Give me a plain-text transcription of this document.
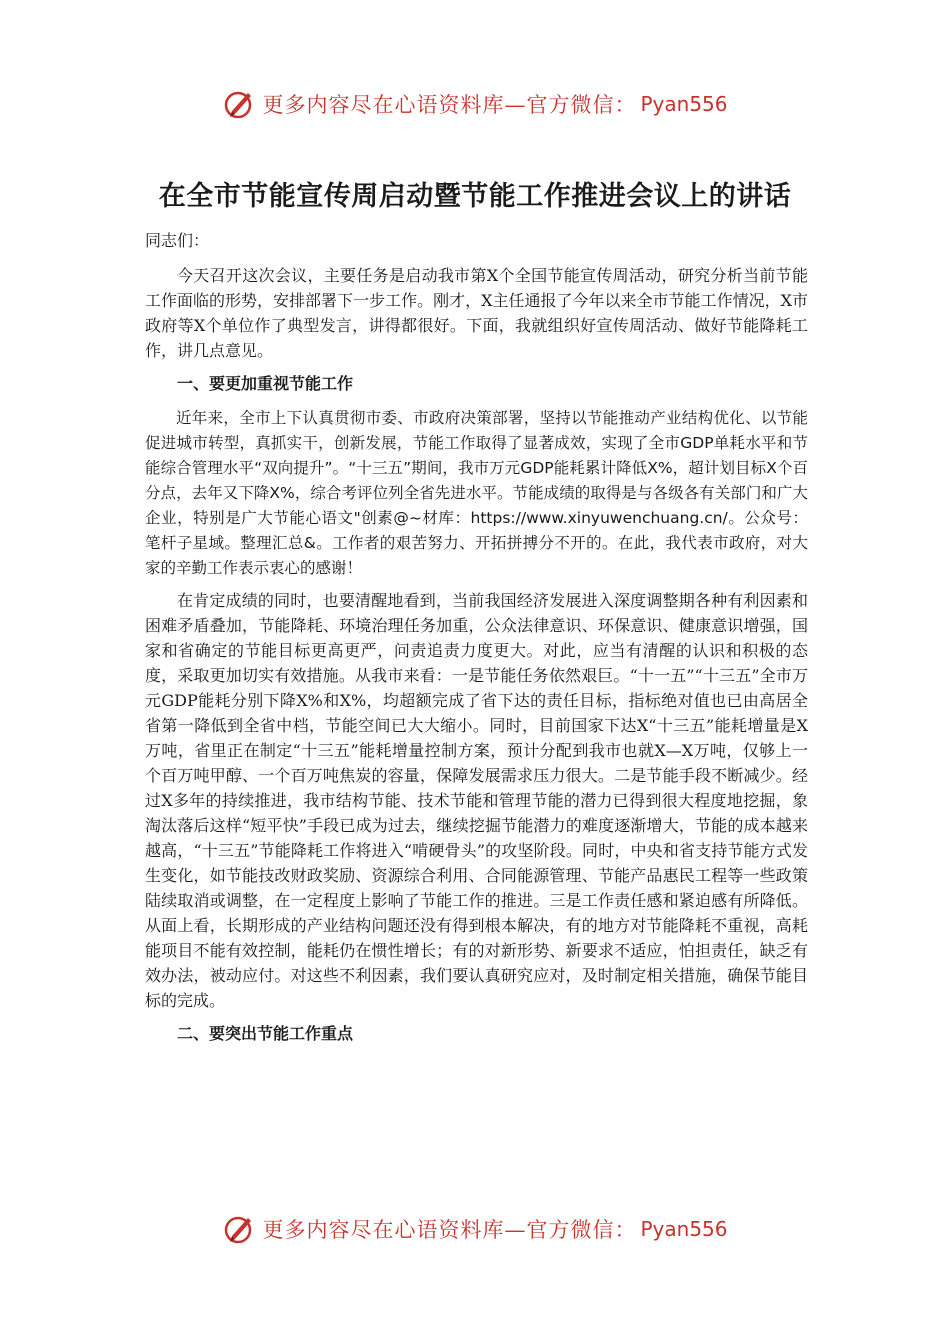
更多内容尽在心语资料库—官方微信： Pyan556
在全市节能宣传周启动暨节能工作推进会议上的讲话

同志们：

今天召开这次会议，主要任务是启动我市第X个全国节能宣传周活动，研究分析当前节能工作面临的形势，安排部署下一步工作。刚才，X主任通报了今年以来全市节能工作情况，X市政府等X个单位作了典型发言，讲得都很好。下面，我就组织好宣传周活动、做好节能降耗工作，讲几点意见。

一、要更加重视节能工作

近年来，全市上下认真贯彻市委、市政府决策部署，坚持以节能推动产业结构优化、以节能促进城市转型，真抓实干，创新发展，节能工作取得了显著成效，实现了全市GDP单耗水平和节能综合管理水平“双向提升”。“十三五”期间，我市万元GDP能耗累计降低X%，超计划目标X个百分点，去年又下降X%，综合考评位列全省先进水平。节能成绩的取得是与各级各有关部门和广大企业，特别是广大节能心语文"创素@~材库：https://www.xinyuwenchuang.cn/。公众号：笔杆子星域。整理汇总&。工作者的艰苦努力、开拓拼搏分不开的。在此，我代表市政府，对大家的辛勤工作表示衷心的感谢！

在肯定成绩的同时，也要清醒地看到，当前我国经济发展进入深度调整期各种有利因素和困难矛盾叠加，节能降耗、环境治理任务加重，公众法律意识、环保意识、健康意识增强，国家和省确定的节能目标更高更严，问责追责力度更大。对此，应当有清醒的认识和积极的态度，采取更加切实有效措施。从我市来看：一是节能任务依然艰巨。“十一五”“十三五”全市万元GDP能耗分别下降X%和X%，均超额完成了省下达的责任目标，指标绝对值也已由高居全省第一降低到全省中档，节能空间已大大缩小。同时，目前国家下达X“十三五”能耗增量是X万吨，省里正在制定“十三五”能耗增量控制方案，预计分配到我市也就X—X万吨，仅够上一个百万吨甲醇、一个百万吨焦炭的容量，保障发展需求压力很大。二是节能手段不断减少。经过X多年的持续推进，我市结构节能、技术节能和管理节能的潜力已得到很大程度地挖掘，象淘汰落后这样“短平快”手段已成为过去，继续挖掘节能潜力的难度逐渐增大，节能的成本越来越高，“十三五”节能降耗工作将进入“啃硬骨头”的攻坚阶段。同时，中央和省支持节能方式发生变化，如节能技改财政奖励、资源综合利用、合同能源管理、节能产品惠民工程等一些政策陆续取消或调整，在一定程度上影响了节能工作的推进。三是工作责任感和紧迫感有所降低。从面上看，长期形成的产业结构问题还没有得到根本解决，有的地方对节能降耗不重视，高耗能项目不能有效控制，能耗仍在惯性增长；有的对新形势、新要求不适应，怕担责任，缺乏有效办法，被动应付。对这些不利因素，我们要认真研究应对，及时制定相关措施，确保节能目标的完成。

二、要突出节能工作重点

更多内容尽在心语资料库—官方微信： Pyan556
